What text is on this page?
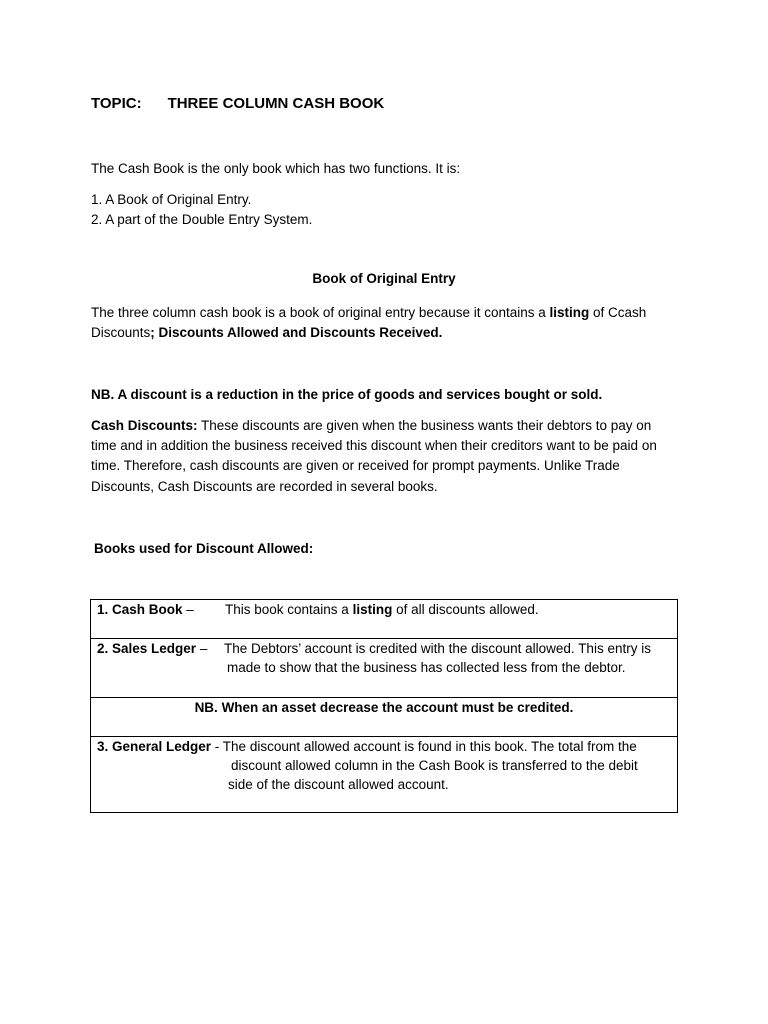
TOPIC: THREE COLUMN CASH BOOK
The Cash Book is the only book which has two functions. It is:
1. A Book of Original Entry.
2. A part of the Double Entry System.
Book of Original Entry
The three column cash book is a book of original entry because it contains a listing of Ccash
Discounts; Discounts Allowed and Discounts Received.
NB. A discount is a reduction in the price of goods and services bought or sold.
Cash Discounts: These discounts are given when the business wants their debtors to pay on
time and in addition the business received this discount when their creditors want to be paid on
time. Therefore, cash discounts are given or received for prompt payments. Unlike Trade
Discounts, Cash Discounts are recorded in several books.
Books used for Discount Allowed:
1. Cash Book – This book contains a listing of all discounts allowed.
2. Sales Ledger – The Debtors’ account is credited with the discount allowed. This entry is
made to show that the business has collected less from the debtor.

NB. When an asset decrease the account must be credited.
3. General Ledger - The discount allowed account is found in this book. The total from the
discount allowed column in the Cash Book is transferred to the debit
side of the discount allowed account.
